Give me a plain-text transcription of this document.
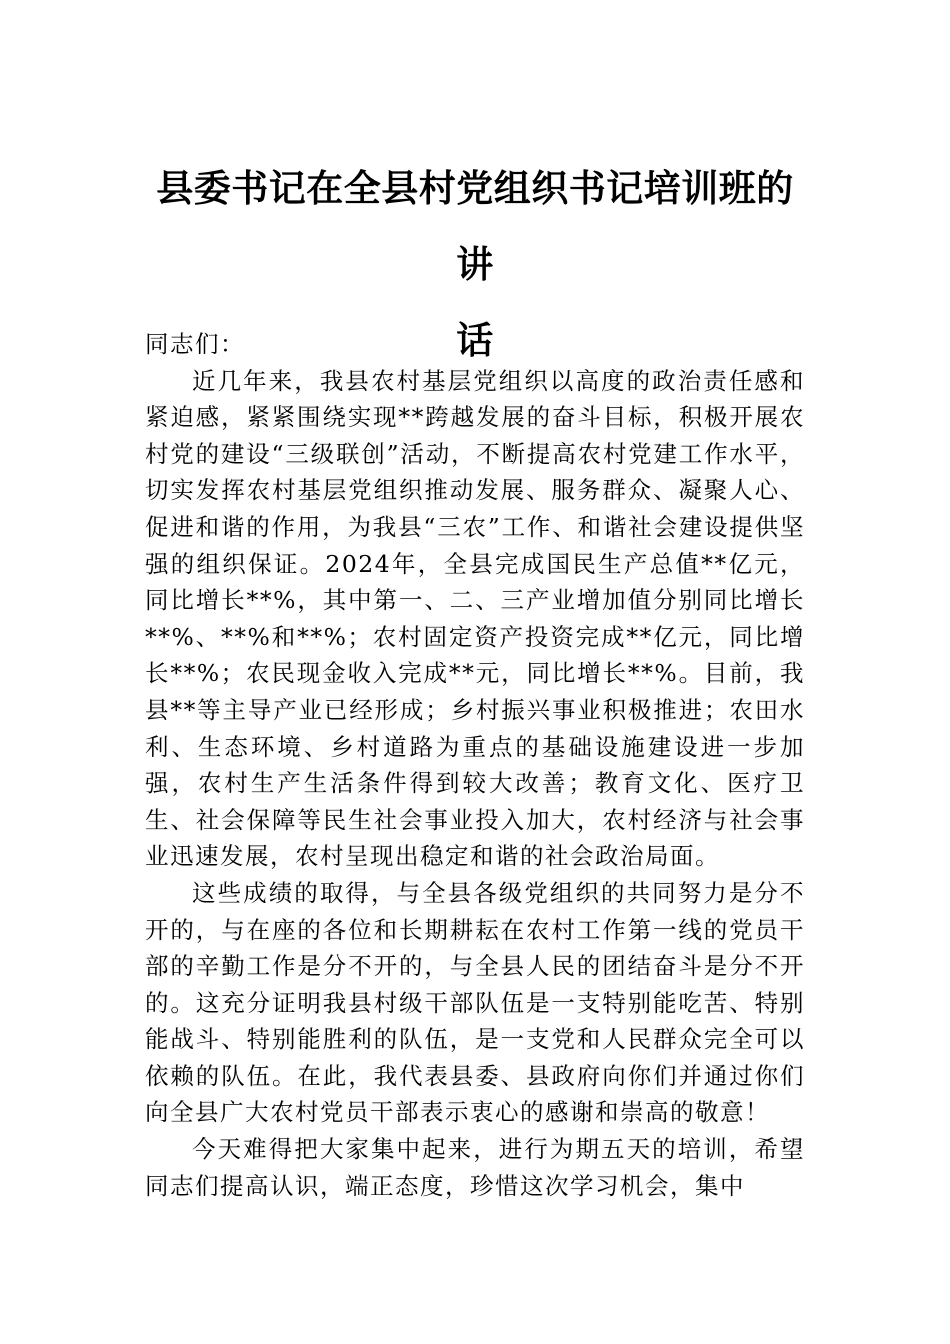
县委书记在全县村党组织书记培训班的讲
话

同志们：

近几年来，我县农村基层党组织以高度的政治责任感和紧迫感，紧紧围绕实现**跨越发展的奋斗目标，积极开展农村党的建设“三级联创”活动，不断提高农村党建工作水平，切实发挥农村基层党组织推动发展、服务群众、凝聚人心、促进和谐的作用，为我县“三农”工作、和谐社会建设提供坚强的组织保证。2024年，全县完成国民生产总值**亿元，同比增长**%，其中第一、二、三产业增加值分别同比增长**%、**%和**%；农村固定资产投资完成**亿元，同比增长**%；农民现金收入完成**元，同比增长**%。目前，我县**等主导产业已经形成；乡村振兴事业积极推进；农田水利、生态环境、乡村道路为重点的基础设施建设进一步加强，农村生产生活条件得到较大改善；教育文化、医疗卫生、社会保障等民生社会事业投入加大，农村经济与社会事业迅速发展，农村呈现出稳定和谐的社会政治局面。

这些成绩的取得，与全县各级党组织的共同努力是分不开的，与在座的各位和长期耕耘在农村工作第一线的党员干部的辛勤工作是分不开的，与全县人民的团结奋斗是分不开的。这充分证明我县村级干部队伍是一支特别能吃苦、特别能战斗、特别能胜利的队伍，是一支党和人民群众完全可以依赖的队伍。在此，我代表县委、县政府向你们并通过你们向全县广大农村党员干部表示衷心的感谢和崇高的敬意！

今天难得把大家集中起来，进行为期五天的培训，希望同志们提高认识，端正态度，珍惜这次学习机会，集中
